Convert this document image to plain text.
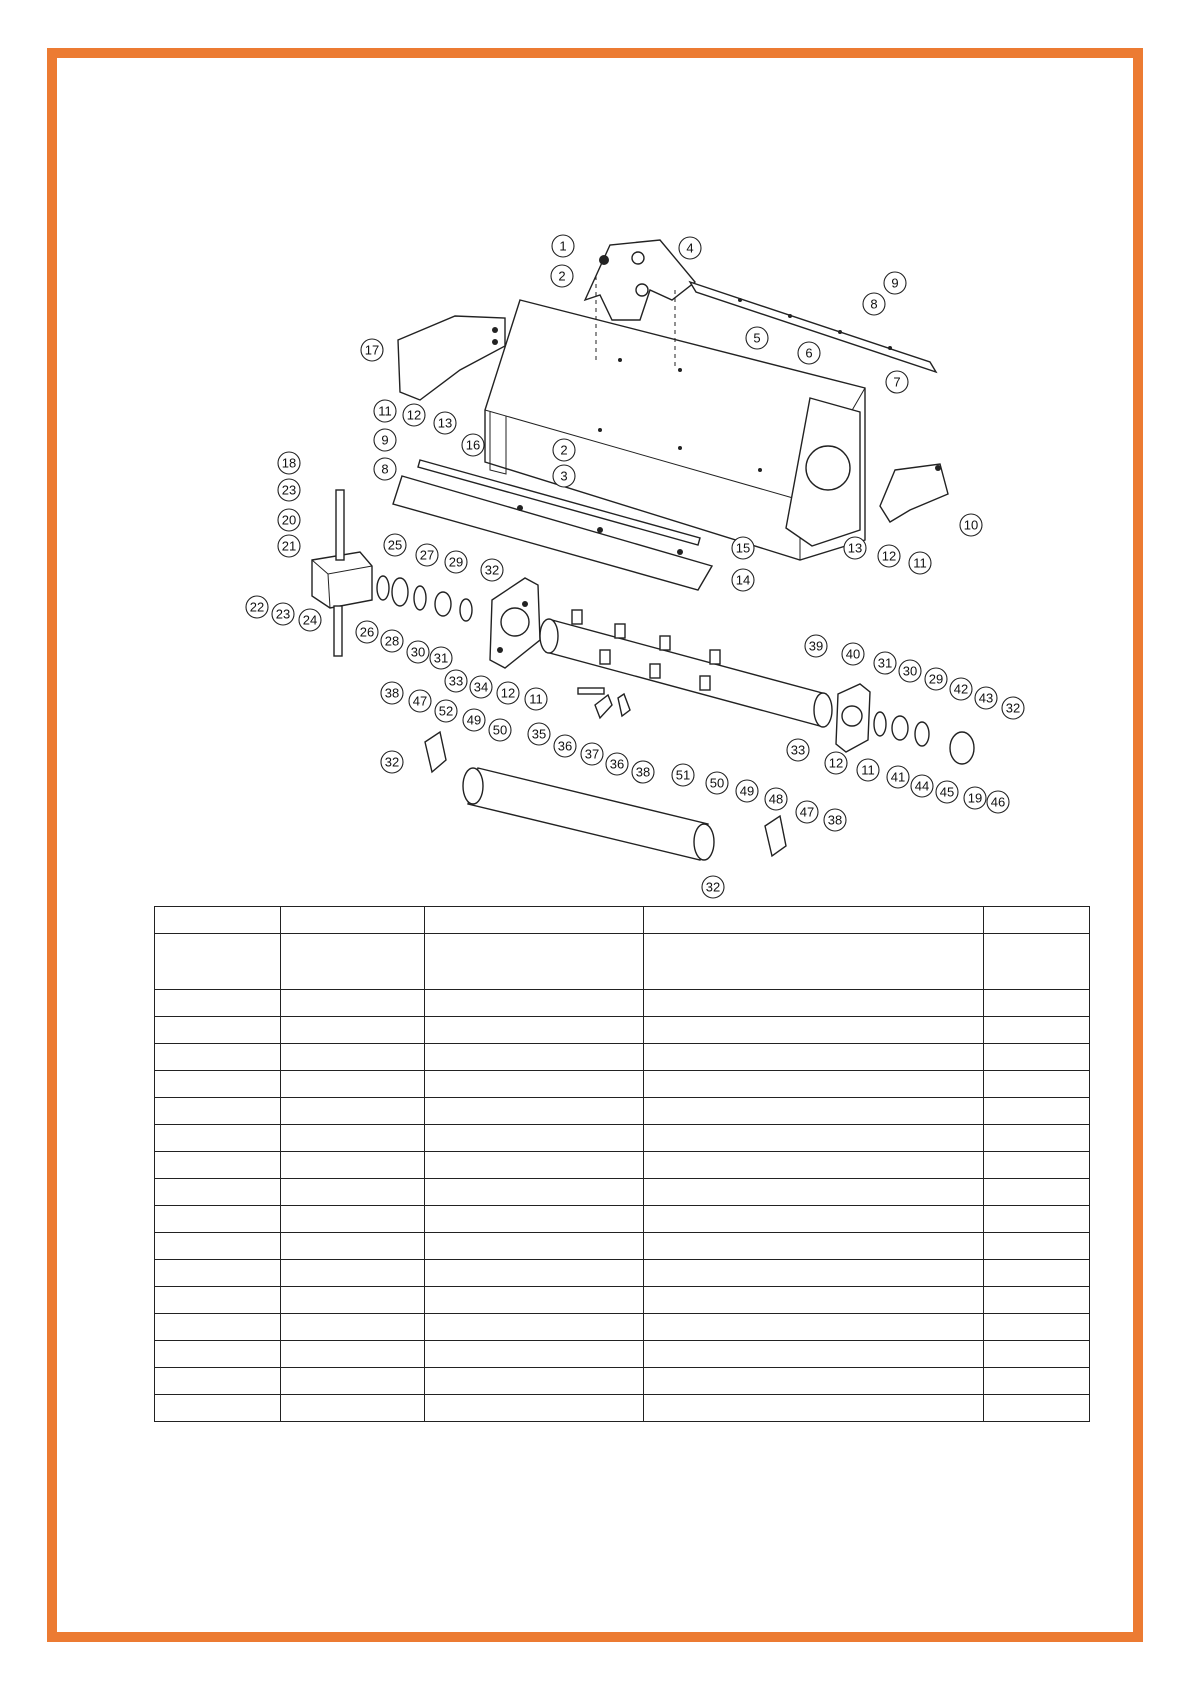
1
2
4
9
8
5
6
7
17
11 12
13
9	16
8
2
3
18
23
20
21
10
13
12 11
15
14
25
27 29
32
22 23 24
26
28
30 31
33 34 12 11
39
40
31
30
29
42
43
32
38
47
52
49
50 35
36
37
36
38
33
12 11 41
44 45 19 46
32
51
50
49
48
47
38
32
